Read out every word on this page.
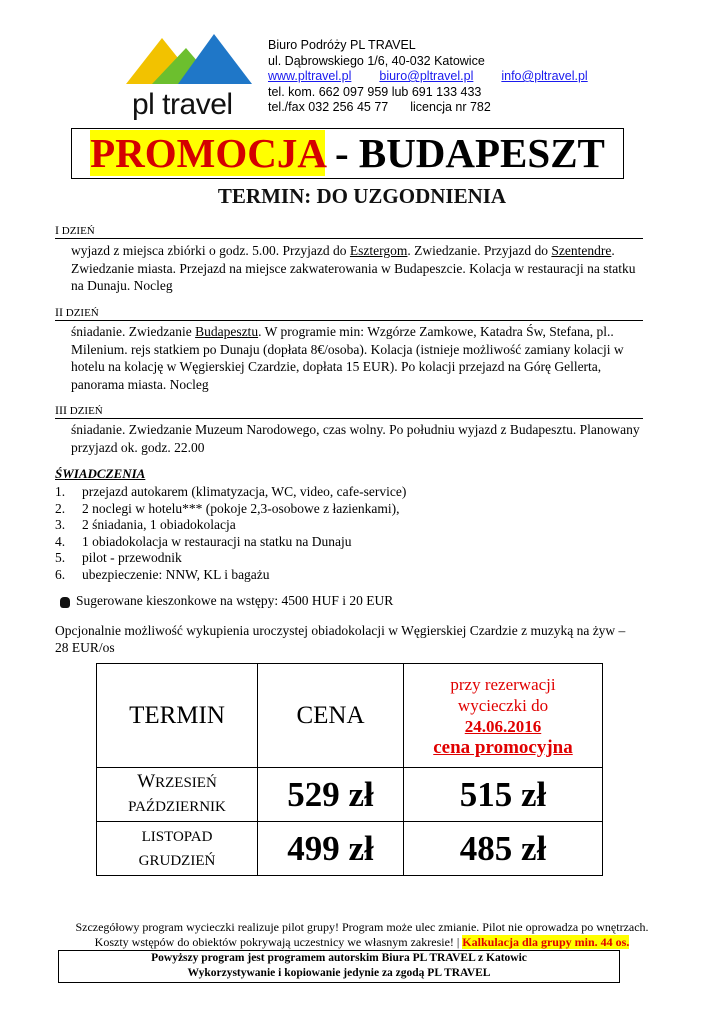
pl travel
Biuro Podróży PL TRAVEL
ul. Dąbrowskiego 1/6, 40-032 Katowice
www.pltravel.pl biuro@pltravel.pl info@pltravel.pl
tel. kom. 662 097 959 lub 691 133 433
tel./fax 032 256 45 77 licencja nr 782
PROMOCJA - BUDAPESZT
TERMIN: DO UZGODNIENIA
I DZIEŃ
wyjazd z miejsca zbiórki o godz. 5.00. Przyjazd do Esztergom. Zwiedzanie. Przyjazd do Szentendre. Zwiedzanie miasta. Przejazd na miejsce zakwaterowania w Budapeszcie. Kolacja w restauracji na statku na Dunaju. Nocleg
II DZIEŃ
śniadanie. Zwiedzanie Budapesztu. W programie min: Wzgórze Zamkowe, Katadra Św, Stefana, pl.. Milenium. rejs statkiem po Dunaju (dopłata 8€/osoba). Kolacja (istnieje możliwość zamiany kolacji w hotelu na kolację w Węgierskiej Czardzie, dopłata 15 EUR). Po kolacji przejazd na Górę Gellerta, panorama miasta. Nocleg
III DZIEŃ
śniadanie. Zwiedzanie Muzeum Narodowego, czas wolny. Po południu wyjazd z Budapesztu. Planowany przyjazd ok. godz. 22.00
ŚWIADCZENIA
1.	przejazd autokarem (klimatyzacja, WC, video, cafe-service)
2.	2 noclegi w hotelu*** (pokoje 2,3-osobowe z łazienkami),
3.	2 śniadania, 1 obiadokolacja
4.	1 obiadokolacja w restauracji na statku na Dunaju
5.	pilot - przewodnik
6.	ubezpieczenie: NNW, KL i bagażu
Sugerowane kieszonkowe na wstępy: 4500 HUF i 20 EUR
Opcjonalnie możliwość wykupienia uroczystej obiadokolacji w Węgierskiej Czardzie z muzyką na żyw – 28 EUR/os
TERMIN	CENA	przy rezerwacji
wycieczki do
24.06.2016
cena promocyjna

WRZESIEŃ
PAŹDZIERNIK	529 zł	515 zł

LISTOPAD
GRUDZIEŃ	499 zł	485 zł
Szczegółowy program wycieczki realizuje pilot grupy! Program może ulec zmianie. Pilot nie oprowadza po wnętrzach.
Koszty wstępów do obiektów pokrywają uczestnicy we własnym zakresie! | Kalkulacja dla grupy min. 44 os.
Powyższy program jest programem autorskim Biura PL TRAVEL z Katowic
Wykorzystywanie i kopiowanie jedynie za zgodą PL TRAVEL
